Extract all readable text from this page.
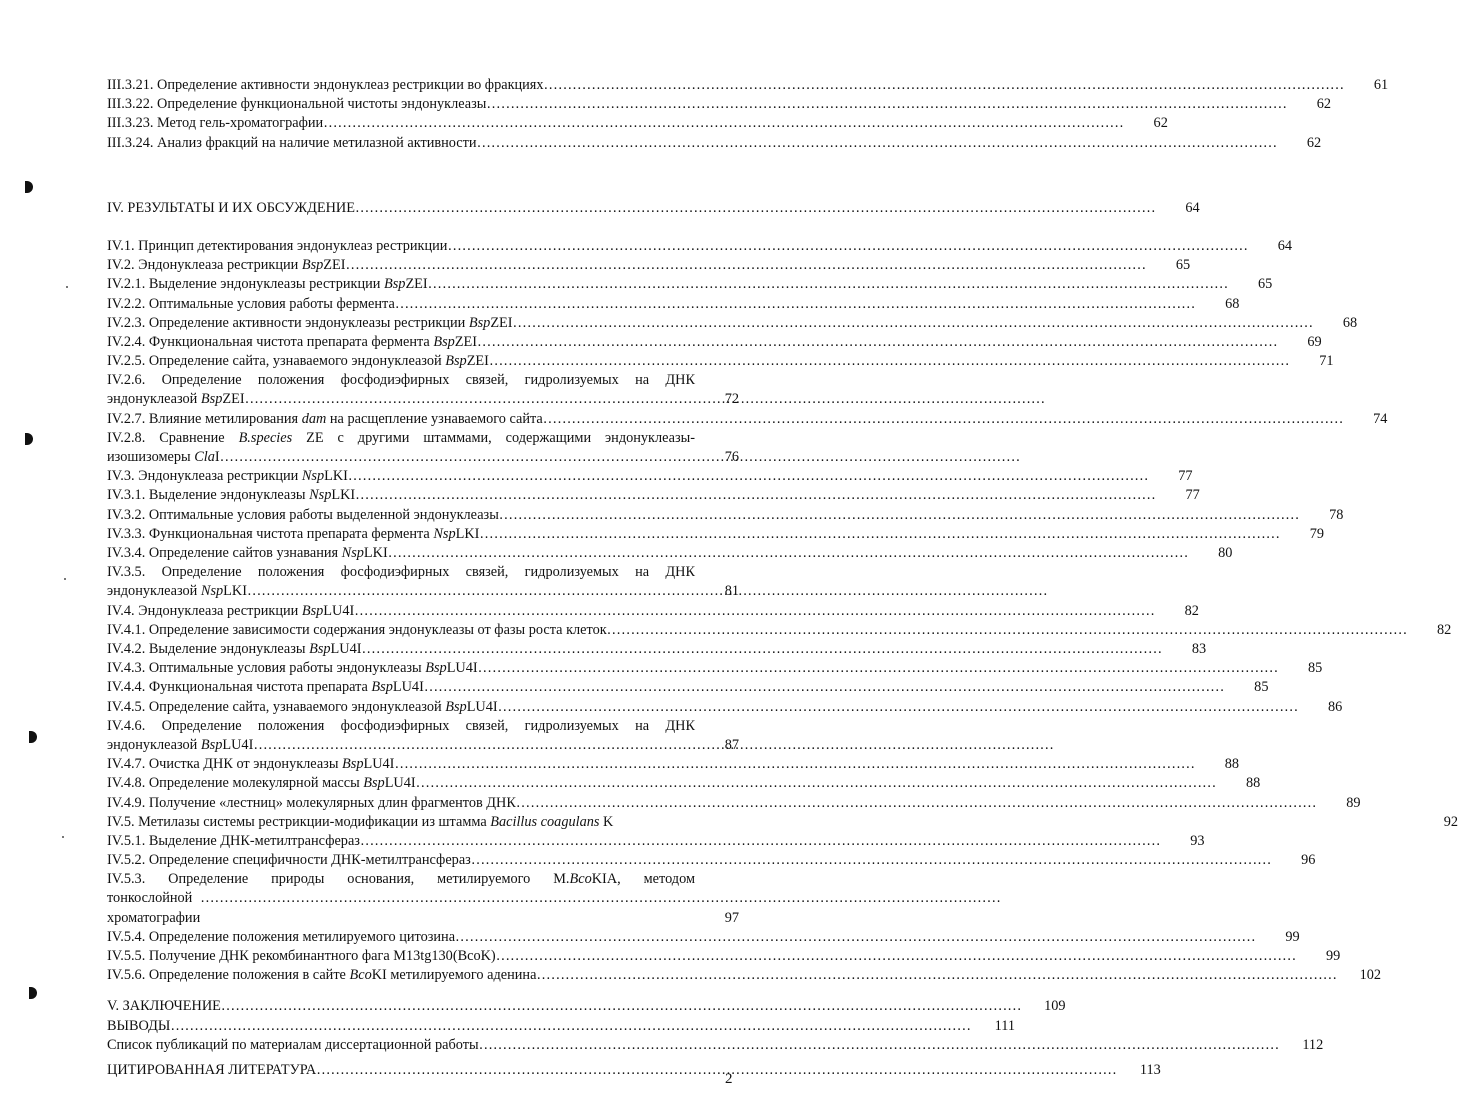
III.3.21. Определение активности эндонуклеаз рестрикции во фракциях ……………………………………………………………………………………………………………………………………………………	61
III.3.22. Определение функциональной чистоты эндонуклеазы ……………………………………………………………………………………………………………………………………………………	62
III.3.23. Метод гель-хроматографии ……………………………………………………………………………………………………………………………………………………	62
III.3.24. Анализ фракций на наличие метилазной активности ……………………………………………………………………………………………………………………………………………………	62
IV. РЕЗУЛЬТАТЫ И ИХ ОБСУЖДЕНИЕ ……………………………………………………………………………………………………………………………………………………	64
IV.1. Принцип детектирования эндонуклеаз рестрикции ……………………………………………………………………………………………………………………………………………………	64
IV.2. Эндонуклеаза рестрикции BspZEI ……………………………………………………………………………………………………………………………………………………	65
IV.2.1. Выделение эндонуклеазы рестрикции BspZEI ……………………………………………………………………………………………………………………………………………………	65
IV.2.2. Оптимальные условия работы фермента ……………………………………………………………………………………………………………………………………………………	68
IV.2.3. Определение активности эндонуклеазы рестрикции BspZEI ……………………………………………………………………………………………………………………………………………………	68
IV.2.4. Функциональная чистота препарата фермента BspZEI ……………………………………………………………………………………………………………………………………………………	69
IV.2.5. Определение сайта, узнаваемого эндонуклеазой BspZEI ……………………………………………………………………………………………………………………………………………………	71
IV.2.6. Определение положения фосфодиэфирных связей, гидролизуемых на ДНК
эндонуклеазой
Bsp ZEI ……………………………………………………………………………………………………………………………………………………	72
IV.2.7. Влияние метилирования dam на расщепление узнаваемого сайта ……………………………………………………………………………………………………………………………………………………	74
IV.2.8. Сравнение B.species ZE с другими штаммами, содержащими эндонуклеазы-
изошизомеры
Cla I ……………………………………………………………………………………………………………………………………………………	76
IV.3. Эндонуклеаза рестрикции NspLKI ……………………………………………………………………………………………………………………………………………………	77
IV.3.1. Выделение эндонуклеазы NspLKI ……………………………………………………………………………………………………………………………………………………	77
IV.3.2. Оптимальные условия работы выделенной эндонуклеазы ……………………………………………………………………………………………………………………………………………………	78
IV.3.3. Функциональная чистота препарата фермента NspLKI ……………………………………………………………………………………………………………………………………………………	79
IV.3.4. Определение сайтов узнавания NspLKI ……………………………………………………………………………………………………………………………………………………	80
IV.3.5. Определение положения фосфодиэфирных связей, гидролизуемых на ДНК
эндонуклеазой
Nsp LKI ……………………………………………………………………………………………………………………………………………………	81
IV.4. Эндонуклеаза рестрикции BspLU4I ……………………………………………………………………………………………………………………………………………………	82
IV.4.1. Определение зависимости содержания эндонуклеазы от фазы роста клеток ……………………………………………………………………………………………………………………………………………………	82
IV.4.2. Выделение эндонуклеазы BspLU4I ……………………………………………………………………………………………………………………………………………………	83
IV.4.3. Оптимальные условия работы эндонуклеазы BspLU4I ……………………………………………………………………………………………………………………………………………………	85
IV.4.4. Функциональная чистота препарата BspLU4I ……………………………………………………………………………………………………………………………………………………	85
IV.4.5. Определение сайта, узнаваемого эндонуклеазой BspLU4I ……………………………………………………………………………………………………………………………………………………	86
IV.4.6. Определение положения фосфодиэфирных связей, гидролизуемых на ДНК
эндонуклеазой
Bsp LU4I ……………………………………………………………………………………………………………………………………………………	87
IV.4.7. Очистка ДНК от эндонуклеазы BspLU4I ……………………………………………………………………………………………………………………………………………………	88
IV.4.8. Определение молекулярной массы BspLU4I ……………………………………………………………………………………………………………………………………………………	88
IV.4.9. Получение «лестниц» молекулярных длин фрагментов ДНК ……………………………………………………………………………………………………………………………………………………	89
IV.5. Метилазы системы рестрикции-модификации из штамма Bacillus coagulans K	92
IV.5.1. Выделение ДНК-метилтрансфераз ……………………………………………………………………………………………………………………………………………………	93
IV.5.2. Определение специфичности ДНК-метилтрансфераз ……………………………………………………………………………………………………………………………………………………	96
IV.5.3. Определение природы основания, метилируемого M.BcoKIA, методом
тонкослойной хроматографии
……………………………………………………………………………………………………………………………………………………	97
IV.5.4. Определение положения метилируемого цитозина ……………………………………………………………………………………………………………………………………………………	99
IV.5.5. Получение ДНК рекомбинантного фага M13tg130(BcoK) ……………………………………………………………………………………………………………………………………………………	99
IV.5.6. Определение положения в сайте BcoKI метилируемого аденина ……………………………………………………………………………………………………………………………………………………	102
V. ЗАКЛЮЧЕНИЕ ……………………………………………………………………………………………………………………………………………………	109
ВЫВОДЫ ……………………………………………………………………………………………………………………………………………………	111
Список публикаций по материалам диссертационной работы ……………………………………………………………………………………………………………………………………………………	112
ЦИТИРОВАННАЯ ЛИТЕРАТУРА ……………………………………………………………………………………………………………………………………………………	113
2
